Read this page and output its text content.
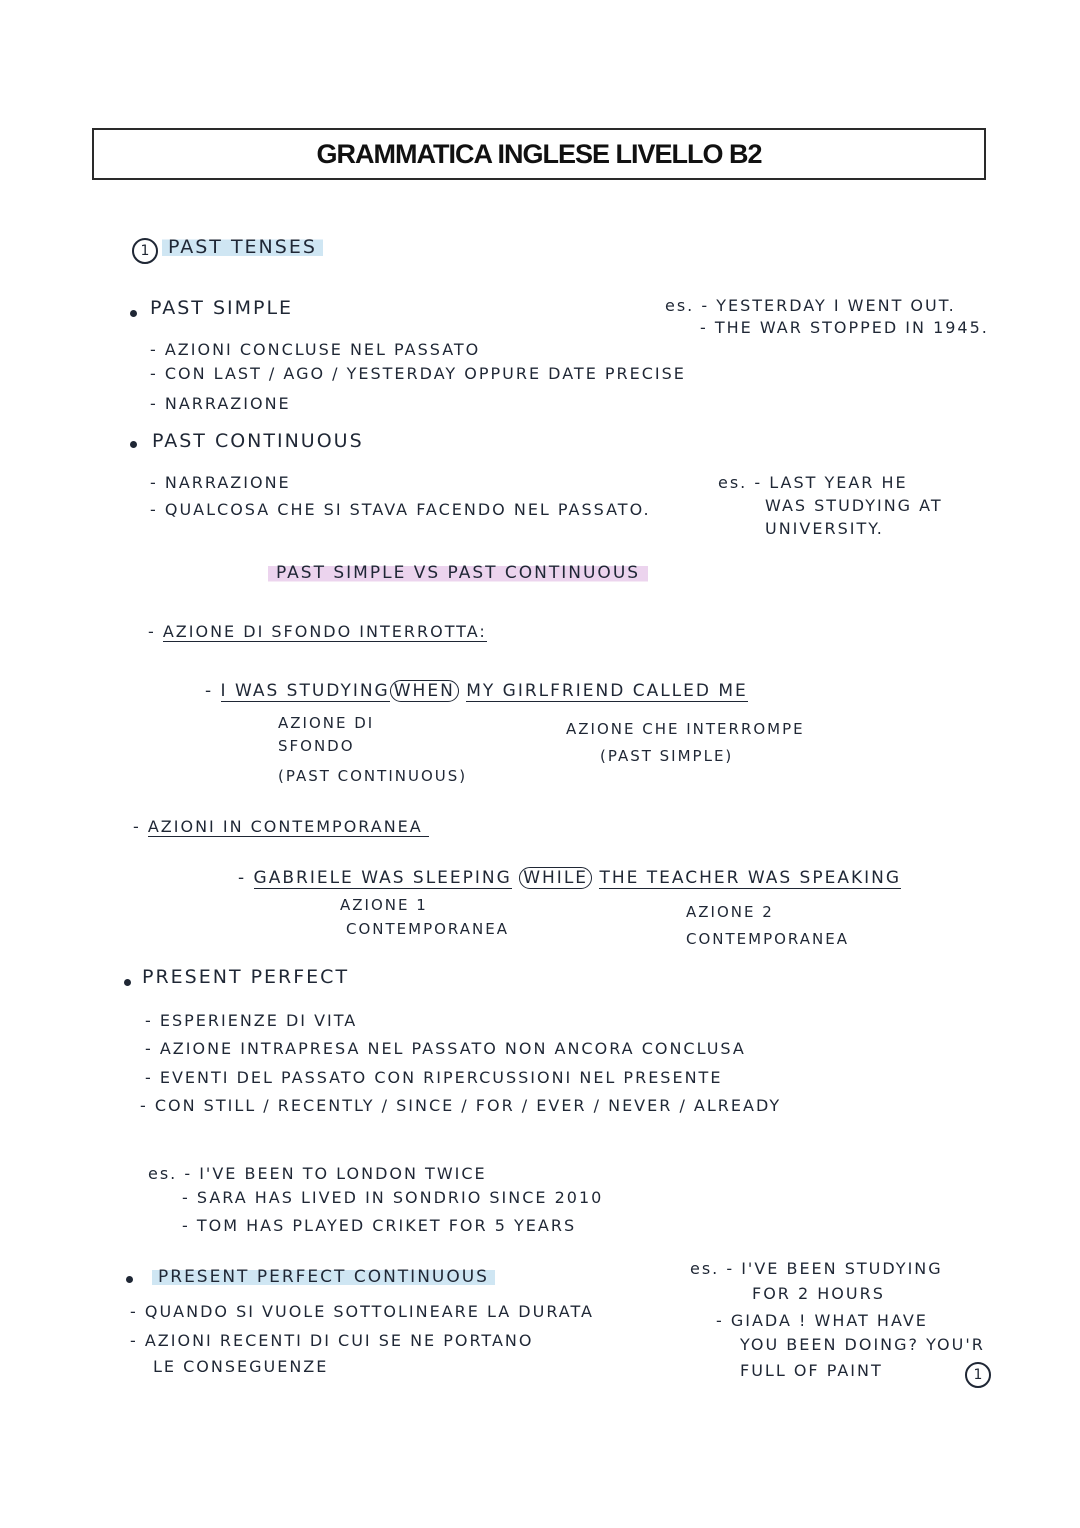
GRAMMATICA INGLESE LIVELLO B2
1 PAST TENSES
PAST SIMPLE
- AZIONI CONCLUSE NEL PASSATO
- CON LAST / AGO / YESTERDAY OPPURE DATE PRECISE
- NARRAZIONE
es. - YESTERDAY I WENT OUT.
- THE WAR STOPPED IN 1945.
PAST CONTINUOUS
- NARRAZIONE
- QUALCOSA CHE SI STAVA FACENDO NEL PASSATO.
es. - LAST YEAR HE
WAS STUDYING AT
UNIVERSITY.
PAST SIMPLE VS PAST CONTINUOUS
- AZIONE DI SFONDO INTERROTTA:
- I WAS STUDYING WHEN MY GIRLFRIEND CALLED ME
AZIONE DI
SFONDO
(PAST CONTINUOUS)
AZIONE CHE INTERROMPE
(PAST SIMPLE)
- AZIONI IN CONTEMPORANEA
- GABRIELE WAS SLEEPING WHILE THE TEACHER WAS SPEAKING
AZIONE 1
CONTEMPORANEA
AZIONE 2
CONTEMPORANEA
PRESENT PERFECT
- ESPERIENZE DI VITA
- AZIONE INTRAPRESA NEL PASSATO NON ANCORA CONCLUSA
- EVENTI DEL PASSATO CON RIPERCUSSIONI NEL PRESENTE
- CON STILL / RECENTLY / SINCE / FOR / EVER / NEVER / ALREADY
es. - I'VE BEEN TO LONDON TWICE
- SARA HAS LIVED IN SONDRIO SINCE 2010
- TOM HAS PLAYED CRIKET FOR 5 YEARS
PRESENT PERFECT CONTINUOUS
- QUANDO SI VUOLE SOTTOLINEARE LA DURATA
- AZIONI RECENTI DI CUI SE NE PORTANO
LE CONSEGUENZE
es. - I'VE BEEN STUDYING
FOR 2 HOURS
- GIADA ! WHAT HAVE
YOU BEEN DOING? YOU'R
FULL OF PAINT	1
